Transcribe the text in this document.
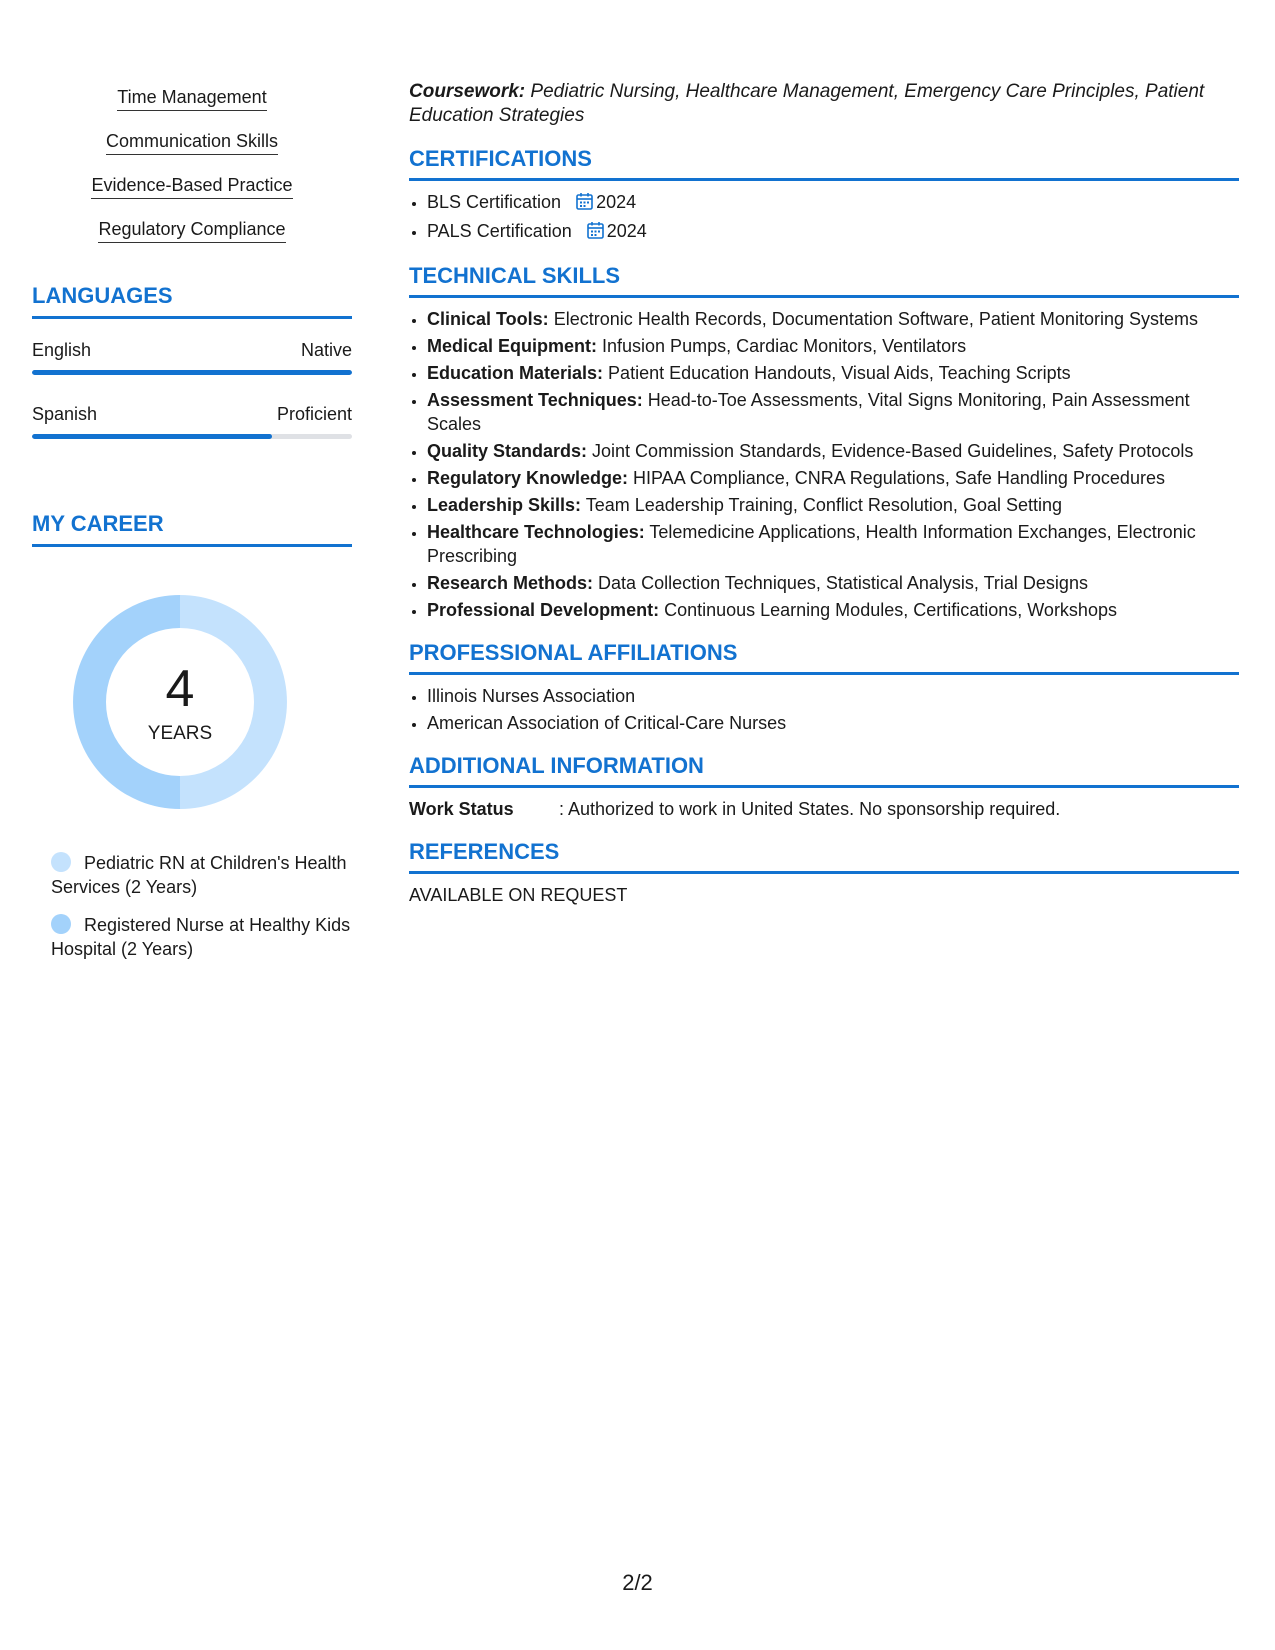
Time Management
Communication Skills
Evidence-Based Practice
Regulatory Compliance
LANGUAGES
English	Native
Spanish	Proficient
MY CAREER
4
YEARS
Pediatric RN at Children's Health Services (2 Years)
Registered Nurse at Healthy Kids Hospital (2 Years)
Coursework: Pediatric Nursing, Healthcare Management, Emergency Care Principles, Patient Education Strategies
CERTIFICATIONS
• BLS Certification 2024
• PALS Certification 2024
TECHNICAL SKILLS
• Clinical Tools: Electronic Health Records, Documentation Software, Patient Monitoring Systems
• Medical Equipment: Infusion Pumps, Cardiac Monitors, Ventilators
• Education Materials: Patient Education Handouts, Visual Aids, Teaching Scripts
• Assessment Techniques: Head-to-Toe Assessments, Vital Signs Monitoring, Pain Assessment Scales
• Quality Standards: Joint Commission Standards, Evidence-Based Guidelines, Safety Protocols
• Regulatory Knowledge: HIPAA Compliance, CNRA Regulations, Safe Handling Procedures
• Leadership Skills: Team Leadership Training, Conflict Resolution, Goal Setting
• Healthcare Technologies: Telemedicine Applications, Health Information Exchanges, Electronic Prescribing
• Research Methods: Data Collection Techniques, Statistical Analysis, Trial Designs
• Professional Development: Continuous Learning Modules, Certifications, Workshops
PROFESSIONAL AFFILIATIONS
• Illinois Nurses Association
• American Association of Critical-Care Nurses
ADDITIONAL INFORMATION
Work Status	: Authorized to work in United States. No sponsorship required.
REFERENCES
AVAILABLE ON REQUEST
2/2
